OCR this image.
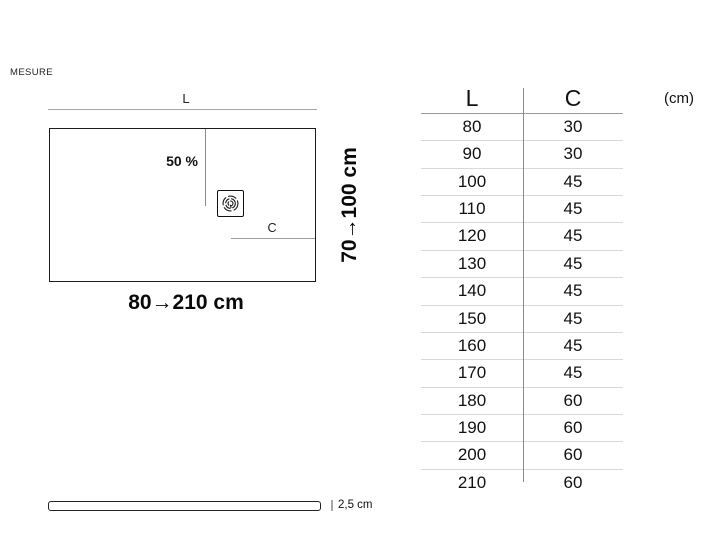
MESURE
L
50 %
C
80→210 cm
70→100 cm
2,5 cm
L	C
80	30
90	30
100	45
110	45
120	45
130	45
140	45
150	45
160	45
170	45
180	60
190	60
200	60
210	60
(cm)
